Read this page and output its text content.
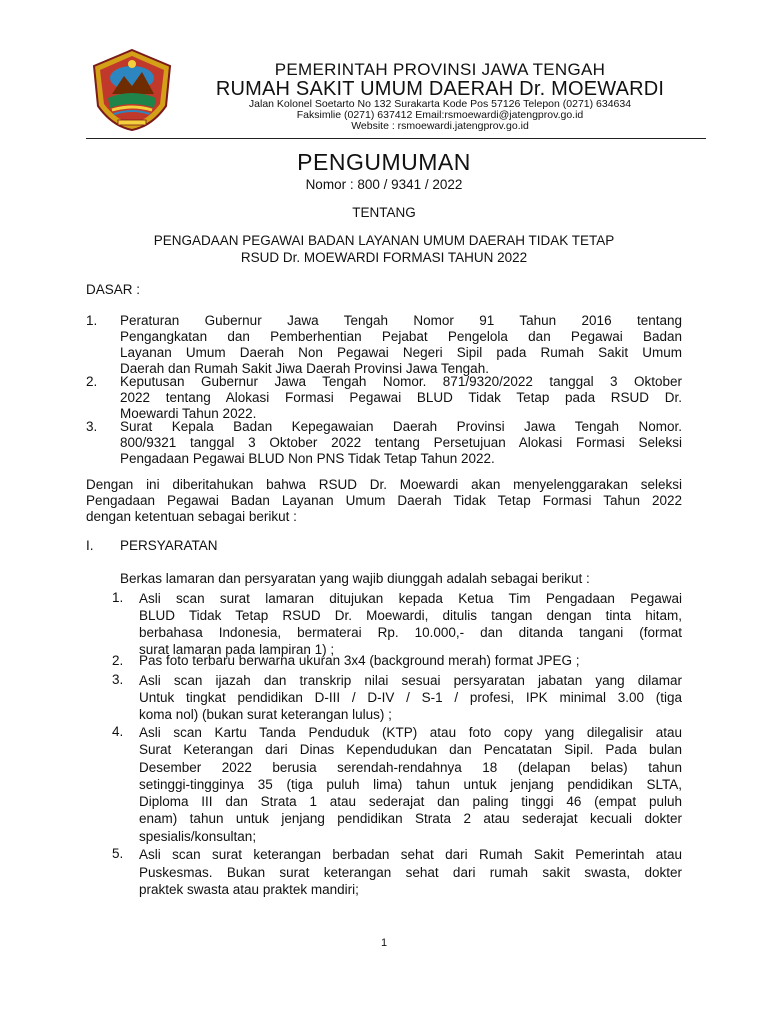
PEMERINTAH PROVINSI JAWA TENGAH
RUMAH SAKIT UMUM DAERAH Dr. MOEWARDI
Jalan Kolonel Soetarto No 132 Surakarta Kode Pos 57126 Telepon (0271) 634634
Faksimlie (0271) 637412 Email:rsmoewardi@jatengprov.go.id
Website : rsmoewardi.jatengprov.go.id
PENGUMUMAN
Nomor : 800 / 9341 / 2022
TENTANG
PENGADAAN PEGAWAI BADAN LAYANAN UMUM DAERAH TIDAK TETAP
RSUD Dr. MOEWARDI FORMASI TAHUN 2022
DASAR :
1. Peraturan Gubernur Jawa Tengah Nomor 91 Tahun 2016 tentang
Pengangkatan dan Pemberhentian Pejabat Pengelola dan Pegawai Badan
Layanan Umum Daerah Non Pegawai Negeri Sipil pada Rumah Sakit Umum
Daerah dan Rumah Sakit Jiwa Daerah Provinsi Jawa Tengah.
2. Keputusan Gubernur Jawa Tengah Nomor. 871/9320/2022 tanggal 3 Oktober
2022 tentang Alokasi Formasi Pegawai BLUD Tidak Tetap pada RSUD Dr.
Moewardi Tahun 2022.
3. Surat Kepala Badan Kepegawaian Daerah Provinsi Jawa Tengah Nomor.
800/9321 tanggal 3 Oktober 2022 tentang Persetujuan Alokasi Formasi Seleksi
Pengadaan Pegawai BLUD Non PNS Tidak Tetap Tahun 2022.
Dengan ini diberitahukan bahwa RSUD Dr. Moewardi akan menyelenggarakan seleksi
Pengadaan Pegawai Badan Layanan Umum Daerah Tidak Tetap Formasi Tahun 2022
dengan ketentuan sebagai berikut :
I. PERSYARATAN
Berkas lamaran dan persyaratan yang wajib diunggah adalah sebagai berikut :
1. Asli scan surat lamaran ditujukan kepada Ketua Tim Pengadaan Pegawai
BLUD Tidak Tetap RSUD Dr. Moewardi, ditulis tangan dengan tinta hitam,
berbahasa Indonesia, bermaterai Rp. 10.000,- dan ditanda tangani (format
surat lamaran pada lampiran 1) ;
2. Pas foto terbaru berwarna ukuran 3x4 (background merah) format JPEG ;
3. Asli scan ijazah dan transkrip nilai sesuai persyaratan jabatan yang dilamar
Untuk tingkat pendidikan D-III / D-IV / S-1 / profesi, IPK minimal 3.00 (tiga
koma nol) (bukan surat keterangan lulus) ;
4. Asli scan Kartu Tanda Penduduk (KTP) atau foto copy yang dilegalisir atau
Surat Keterangan dari Dinas Kependudukan dan Pencatatan Sipil. Pada bulan
Desember 2022 berusia serendah-rendahnya 18 (delapan belas) tahun
setinggi-tingginya 35 (tiga puluh lima) tahun untuk jenjang pendidikan SLTA,
Diploma III dan Strata 1 atau sederajat dan paling tinggi 46 (empat puluh
enam) tahun untuk jenjang pendidikan Strata 2 atau sederajat kecuali dokter
spesialis/konsultan;
5. Asli scan surat keterangan berbadan sehat dari Rumah Sakit Pemerintah atau
Puskesmas. Bukan surat keterangan sehat dari rumah sakit swasta, dokter
praktek swasta atau praktek mandiri;
1
